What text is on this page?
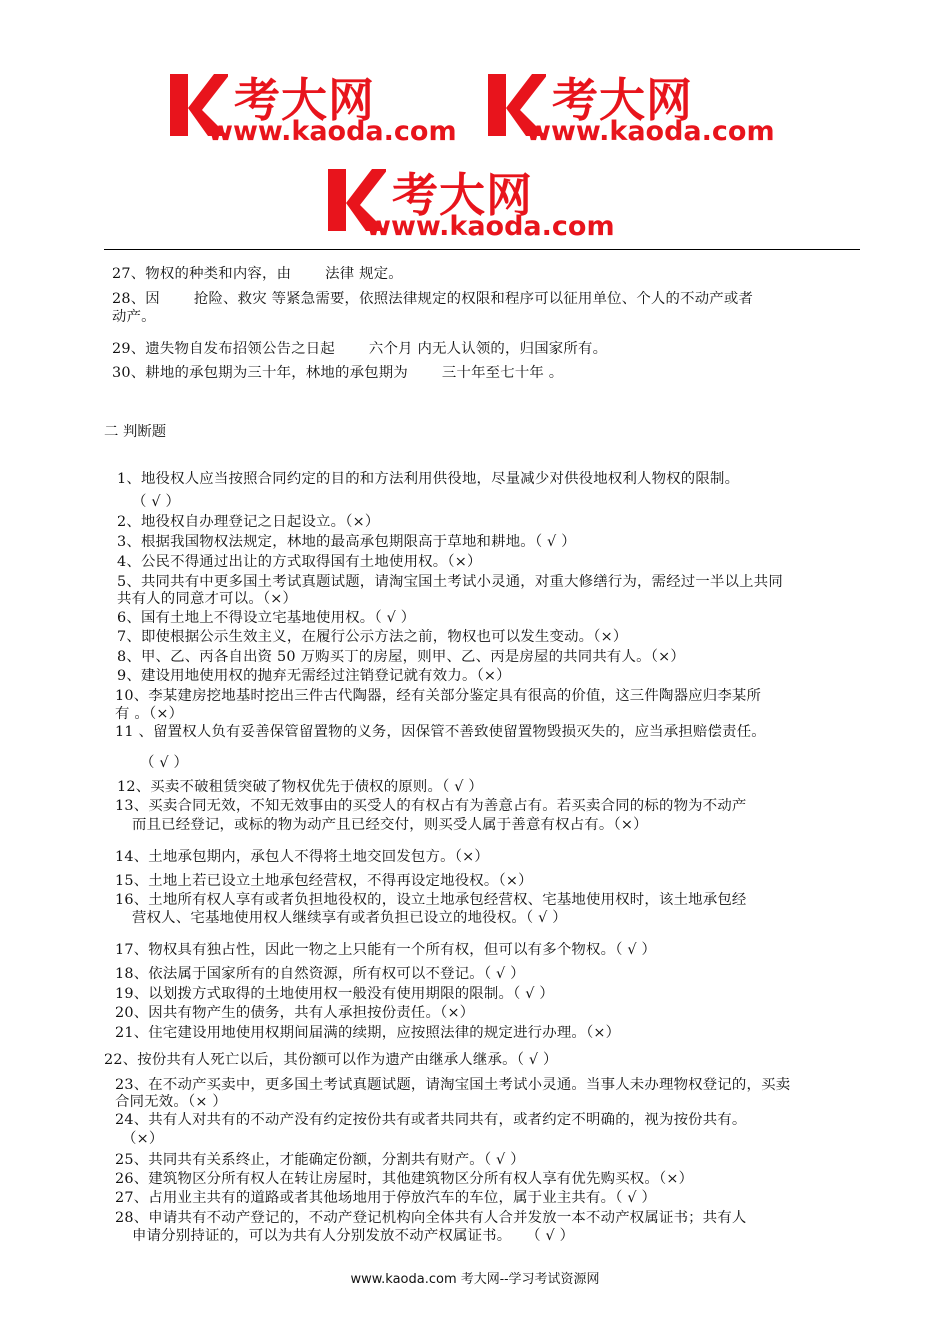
考大网
www.kaoda.com
考大网
www.kaoda.com
考大网
www.kaoda.com
27、物权的种类和内容，由　　 法律 规定。
28、因　　 抢险、救灾 等紧急需要，依照法律规定的权限和程序可以征用单位、个人的不动产或者
动产。
29、遗失物自发布招领公告之日起　　 六个月 内无人认领的，归国家所有。
30、耕地的承包期为三十年，林地的承包期为　　 三十年至七十年 。
二 判断题
1、地役权人应当按照合同约定的目的和方法利用供役地，尽量减少对供役地权利人物权的限制。
（ √ ）
2、地役权自办理登记之日起设立。（×）
3、根据我国物权法规定，林地的最高承包期限高于草地和耕地。（ √ ）
4、公民不得通过出让的方式取得国有土地使用权。（×）
5、共同共有中更多国土考试真题试题，请淘宝国土考试小灵通，对重大修缮行为，需经过一半以上共同
共有人的同意才可以。（×）
6、国有土地上不得设立宅基地使用权。（ √ ）
7、即使根据公示生效主义，在履行公示方法之前，物权也可以发生变动。（×）
8、甲、乙、丙各自出资 50 万购买丁的房屋，则甲、乙、丙是房屋的共同共有人。（×）
9、建设用地使用权的抛弃无需经过注销登记就有效力。（×）
10、李某建房挖地基时挖出三件古代陶器，经有关部分鉴定具有很高的价值，这三件陶器应归李某所
有 。（×）
11 、留置权人负有妥善保管留置物的义务，因保管不善致使留置物毁损灭失的，应当承担赔偿责任。
（ √ ）
12、买卖不破租赁突破了物权优先于债权的原则。（ √ ）
13、买卖合同无效，不知无效事由的买受人的有权占有为善意占有。若买卖合同的标的物为不动产
而且已经登记，或标的物为动产且已经交付，则买受人属于善意有权占有。（×）
14、土地承包期内，承包人不得将土地交回发包方。（×）
15、土地上若已设立土地承包经营权，不得再设定地役权。（×）
16、土地所有权人享有或者负担地役权的，设立土地承包经营权、宅基地使用权时，该土地承包经
营权人、宅基地使用权人继续享有或者负担已设立的地役权。（ √ ）
17、物权具有独占性，因此一物之上只能有一个所有权，但可以有多个物权。（ √ ）
18、依法属于国家所有的自然资源，所有权可以不登记。（ √ ）
19、以划拨方式取得的土地使用权一般没有使用期限的限制。（ √ ）
20、因共有物产生的债务，共有人承担按份责任。（×）
21、住宅建设用地使用权期间届满的续期，应按照法律的规定进行办理。（×）
22、按份共有人死亡以后，其份额可以作为遗产由继承人继承。（ √ ）
23、在不动产买卖中，更多国土考试真题试题，请淘宝国土考试小灵通。当事人未办理物权登记的，买卖
合同无效。（× ）
24、共有人对共有的不动产没有约定按份共有或者共同共有，或者约定不明确的，视为按份共有。
（×）
25、共同共有关系终止，才能确定份额，分割共有财产。（ √ ）
26、建筑物区分所有权人在转让房屋时，其他建筑物区分所有权人享有优先购买权。（×）
27、占用业主共有的道路或者其他场地用于停放汽车的车位，属于业主共有。（ √ ）
28、申请共有不动产登记的，不动产登记机构向全体共有人合并发放一本不动产权属证书；共有人
申请分别持证的，可以为共有人分别发放不动产权属证书。　　（ √ ）
www.kaoda.com 考大网--学习考试资源网
